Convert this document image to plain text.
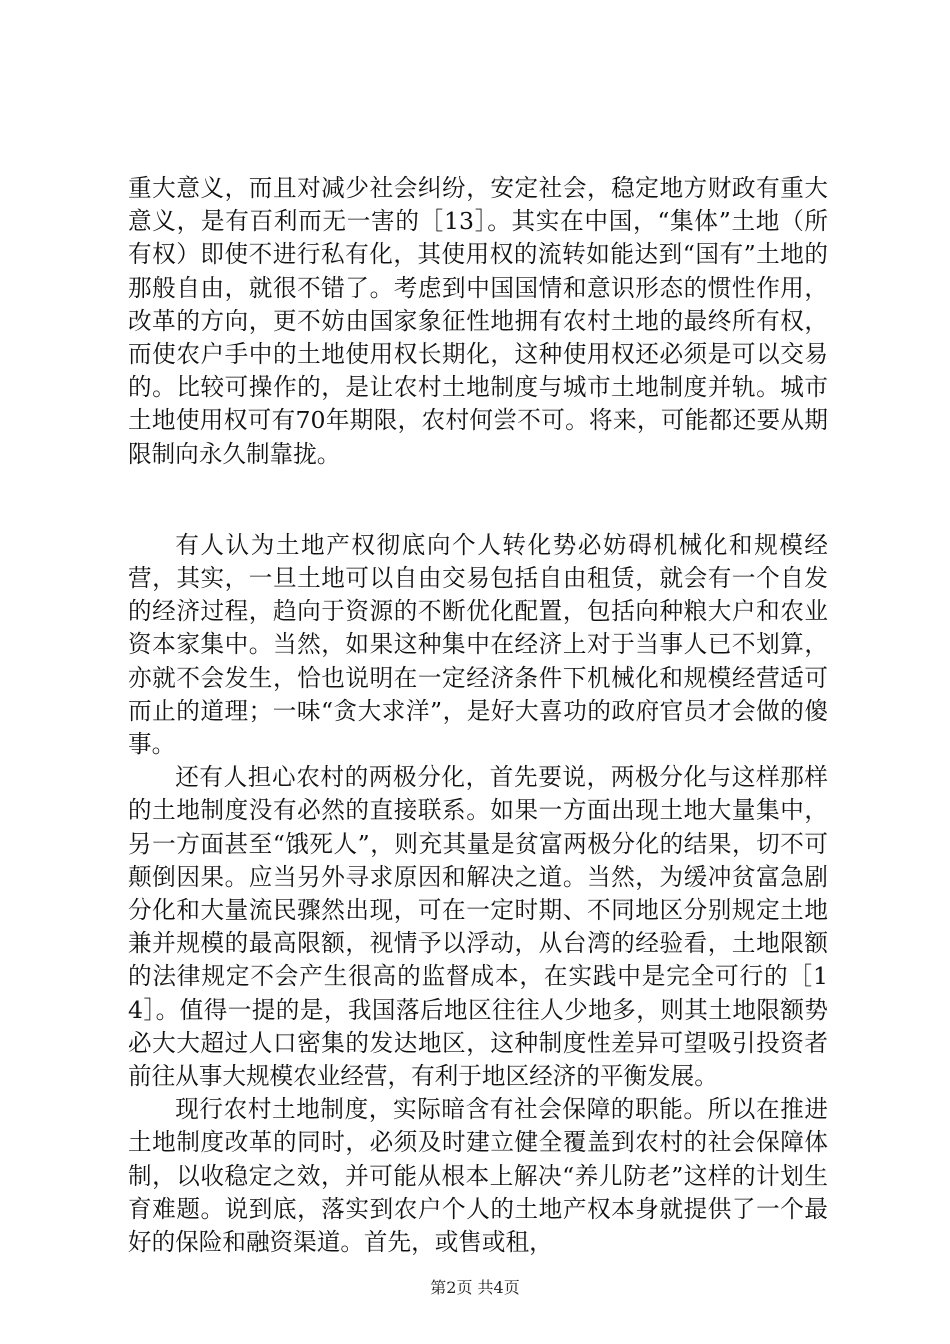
重大意义，而且对减少社会纠纷，安定社会，稳定地方财政有重大意义，是有百利而无一害的［13］。其实在中国，“集体”土地（所有权）即使不进行私有化，其使用权的流转如能达到“国有”土地的那般自由，就很不错了。考虑到中国国情和意识形态的惯性作用，改革的方向，更不妨由国家象征性地拥有农村土地的最终所有权，而使农户手中的土地使用权长期化，这种使用权还必须是可以交易的。比较可操作的，是让农村土地制度与城市土地制度并轨。城市土地使用权可有70年期限，农村何尝不可。将来，可能都还要从期限制向永久制靠拢。

有人认为土地产权彻底向个人转化势必妨碍机械化和规模经营，其实，一旦土地可以自由交易包括自由租赁，就会有一个自发的经济过程，趋向于资源的不断优化配置，包括向种粮大户和农业资本家集中。当然，如果这种集中在经济上对于当事人已不划算，亦就不会发生，恰也说明在一定经济条件下机械化和规模经营适可而止的道理；一味“贪大求洋”，是好大喜功的政府官员才会做的傻事。

还有人担心农村的两极分化，首先要说，两极分化与这样那样的土地制度没有必然的直接联系。如果一方面出现土地大量集中，另一方面甚至“饿死人”，则充其量是贫富两极分化的结果，切不可颠倒因果。应当另外寻求原因和解决之道。当然，为缓冲贫富急剧分化和大量流民骤然出现，可在一定时期、不同地区分别规定土地兼并规模的最高限额，视情予以浮动，从台湾的经验看，土地限额的法律规定不会产生很高的监督成本，在实践中是完全可行的［14］。值得一提的是，我国落后地区往往人少地多，则其土地限额势必大大超过人口密集的发达地区，这种制度性差异可望吸引投资者前往从事大规模农业经营，有利于地区经济的平衡发展。

现行农村土地制度，实际暗含有社会保障的职能。所以在推进土地制度改革的同时，必须及时建立健全覆盖到农村的社会保障体制，以收稳定之效，并可能从根本上解决“养儿防老”这样的计划生育难题。说到底，落实到农户个人的土地产权本身就提供了一个最好的保险和融资渠道。首先，或售或租，

第2页 共4页
